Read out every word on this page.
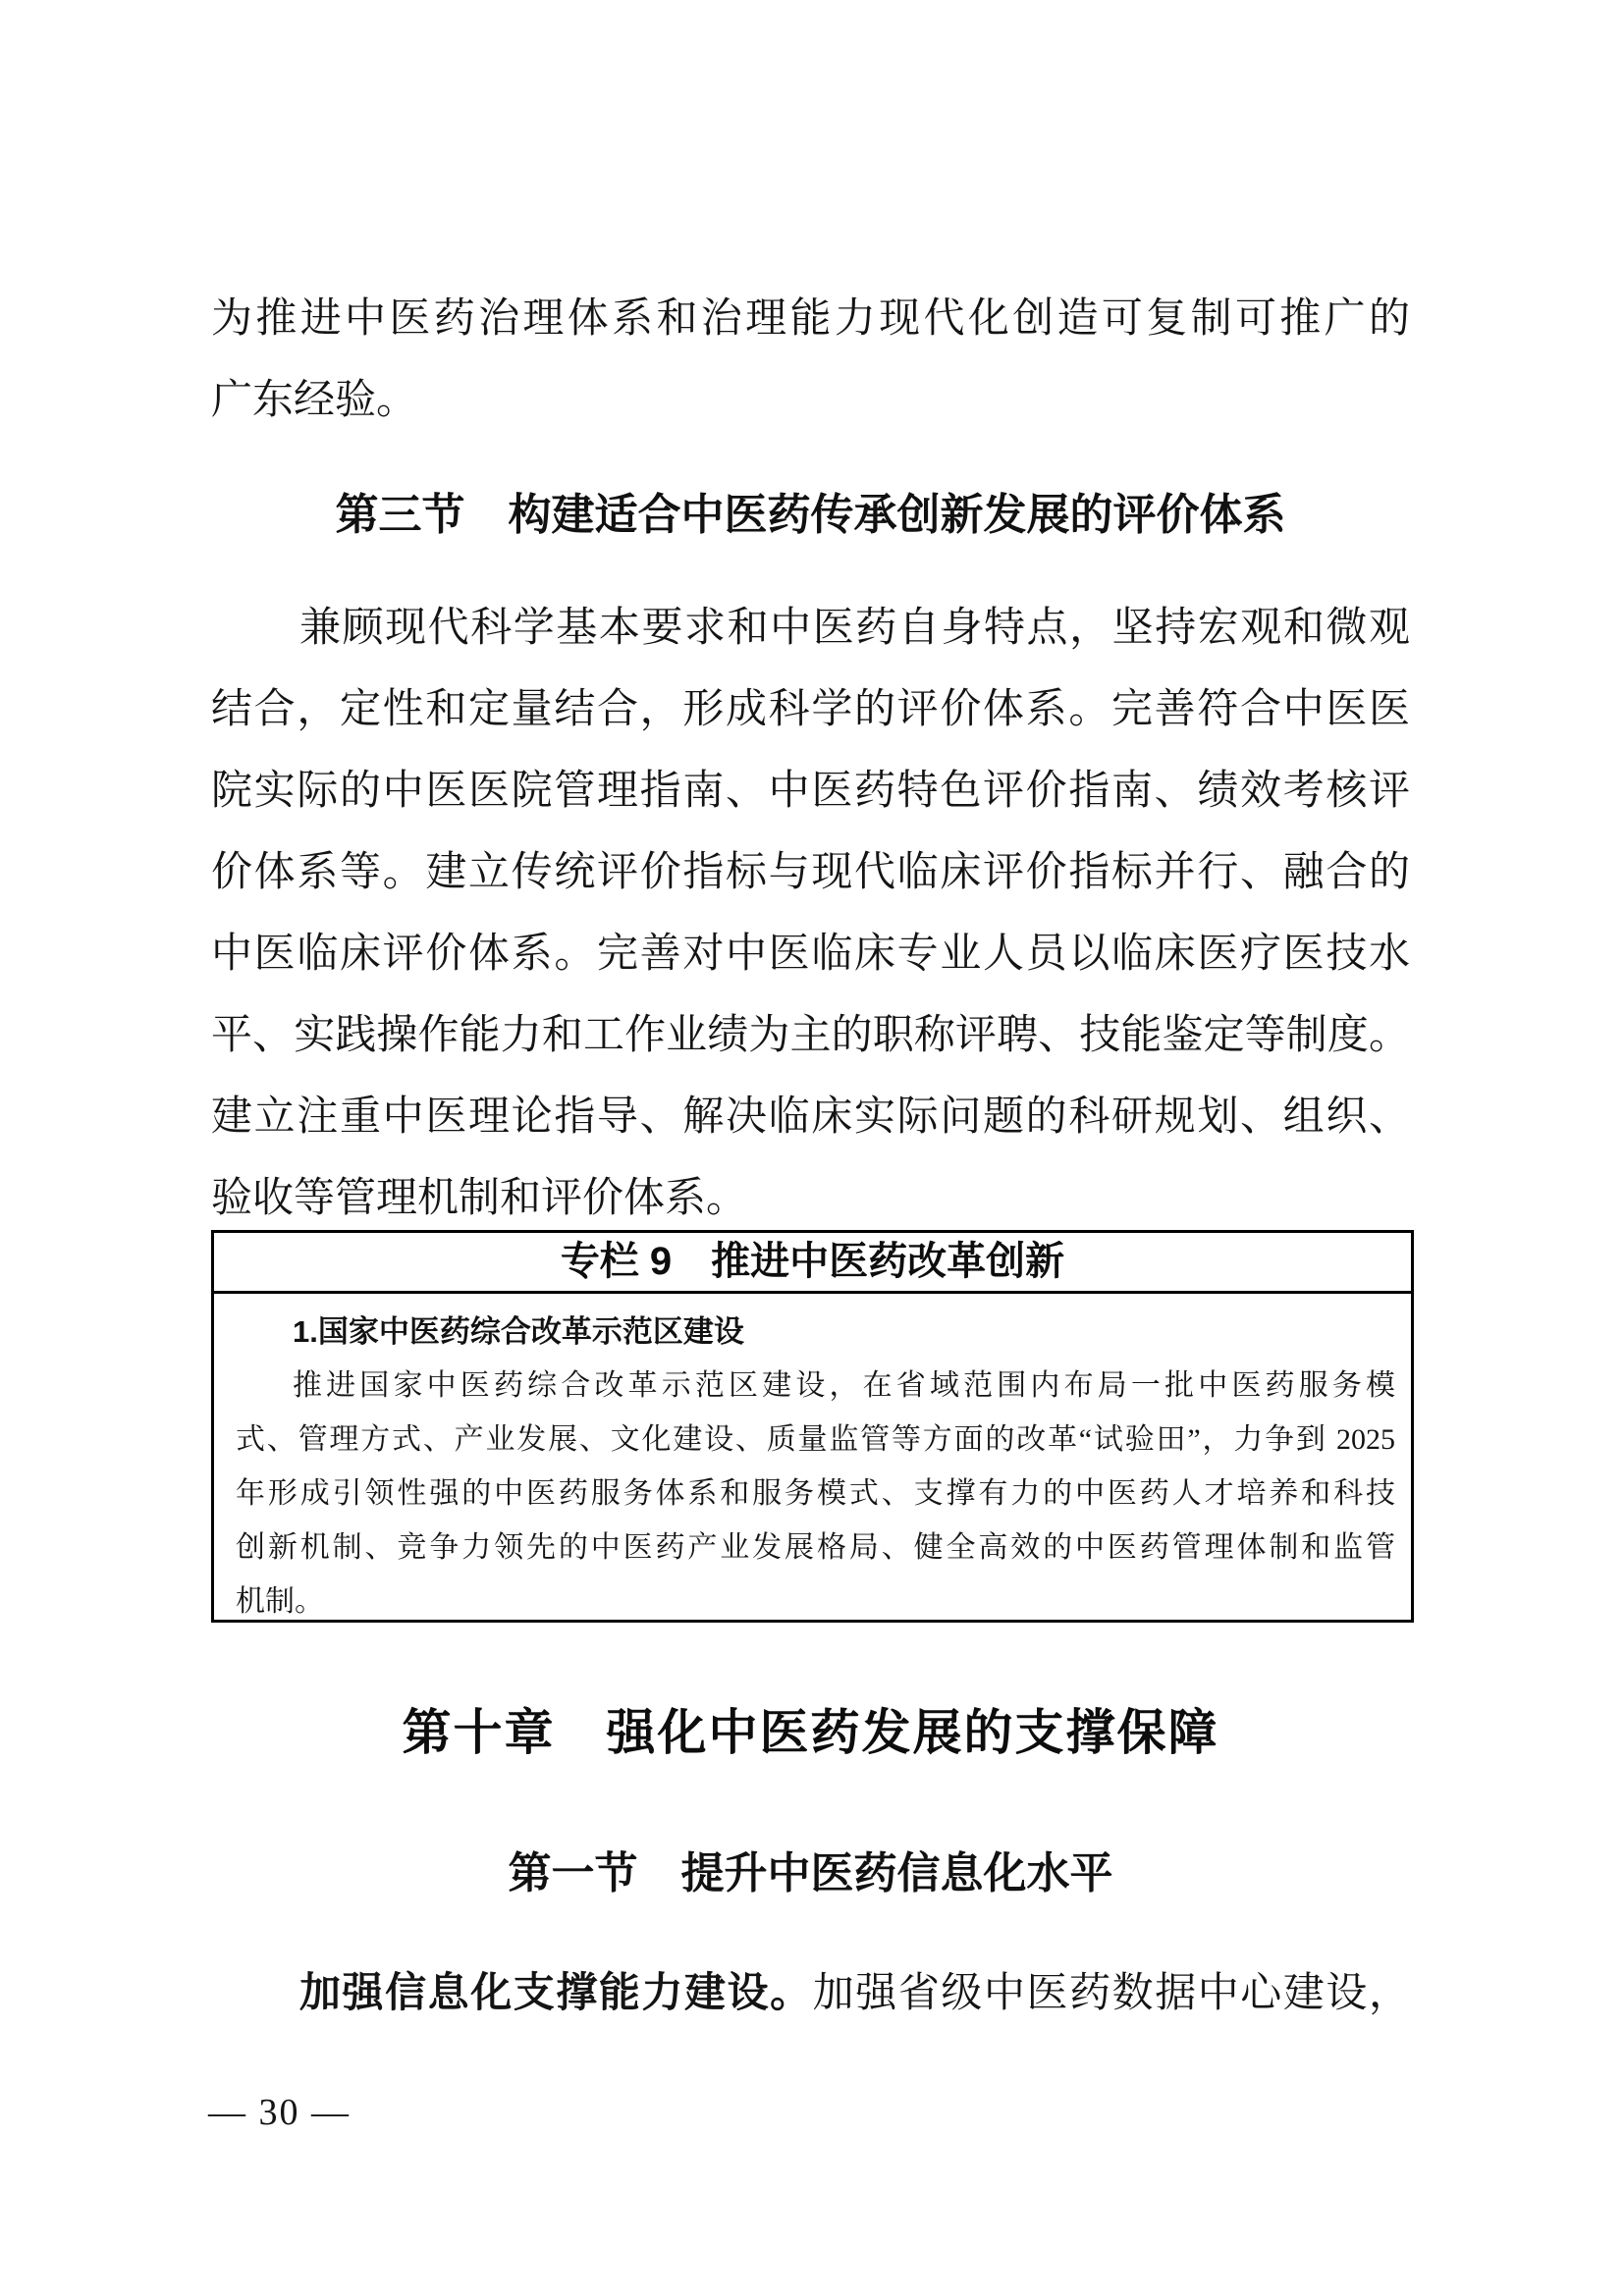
为推进中医药治理体系和治理能力现代化创造可复制可推广的
广东经验。
第三节　构建适合中医药传承创新发展的评价体系
兼顾现代科学基本要求和中医药自身特点，坚持宏观和微观
结合，定性和定量结合，形成科学的评价体系。完善符合中医医
院实际的中医医院管理指南、中医药特色评价指南、绩效考核评
价体系等。建立传统评价指标与现代临床评价指标并行、融合的
中医临床评价体系。完善对中医临床专业人员以临床医疗医技水
平、实践操作能力和工作业绩为主的职称评聘、技能鉴定等制度。
建立注重中医理论指导、解决临床实际问题的科研规划、组织、
验收等管理机制和评价体系。
专栏 9　推进中医药改革创新
1.国家中医药综合改革示范区建设
推进国家中医药综合改革示范区建设，在省域范围内布局一批中医药服务模
式、管理方式、产业发展、文化建设、质量监管等方面的改革“试验田”，力争到 2025
年形成引领性强的中医药服务体系和服务模式、支撑有力的中医药人才培养和科技
创新机制、竞争力领先的中医药产业发展格局、健全高效的中医药管理体制和监管
机制。
第十章　强化中医药发展的支撑保障
第一节　提升中医药信息化水平
加强信息化支撑能力建设。加强省级中医药数据中心建设，
— 30 —
